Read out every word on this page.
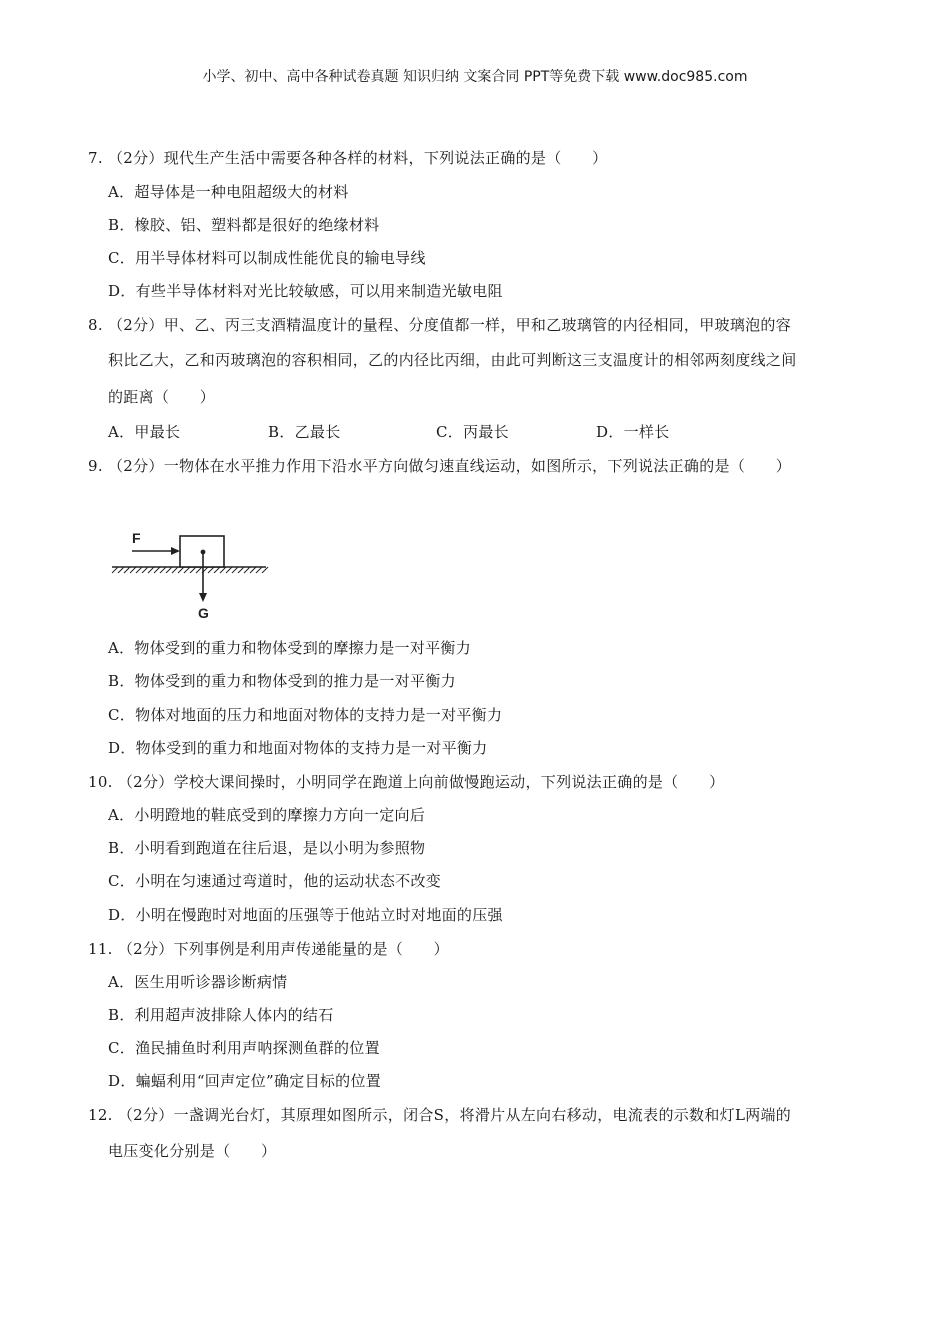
小学、初中、高中各种试卷真题 知识归纳 文案合同 PPT等免费下载 www.doc985.com
7. （2分）现代生产生活中需要各种各样的材料，下列说法正确的是（　　）
A．超导体是一种电阻超级大的材料
B．橡胶、铝、塑料都是很好的绝缘材料
C．用半导体材料可以制成性能优良的输电导线
D．有些半导体材料对光比较敏感，可以用来制造光敏电阻
8. （2分）甲、乙、丙三支酒精温度计的量程、分度值都一样，甲和乙玻璃管的内径相同，甲玻璃泡的容
积比乙大，乙和丙玻璃泡的容积相同，乙的内径比丙细，由此可判断这三支温度计的相邻两刻度线之间
的距离（　　）
A．甲最长	B．乙最长	C．丙最长	D．一样长
9. （2分）一物体在水平推力作用下沿水平方向做匀速直线运动，如图所示，下列说法正确的是（　　）
F
G
A．物体受到的重力和物体受到的摩擦力是一对平衡力
B．物体受到的重力和物体受到的推力是一对平衡力
C．物体对地面的压力和地面对物体的支持力是一对平衡力
D．物体受到的重力和地面对物体的支持力是一对平衡力
10. （2分）学校大课间操时，小明同学在跑道上向前做慢跑运动，下列说法正确的是（　　）
A．小明蹬地的鞋底受到的摩擦力方向一定向后
B．小明看到跑道在往后退，是以小明为参照物
C．小明在匀速通过弯道时，他的运动状态不改变
D．小明在慢跑时对地面的压强等于他站立时对地面的压强
11. （2分）下列事例是利用声传递能量的是（　　）
A．医生用听诊器诊断病情
B．利用超声波排除人体内的结石
C．渔民捕鱼时利用声呐探测鱼群的位置
D．蝙蝠利用“回声定位”确定目标的位置
12. （2分）一盏调光台灯，其原理如图所示，闭合S，将滑片从左向右移动，电流表的示数和灯L两端的
电压变化分别是（　　）
